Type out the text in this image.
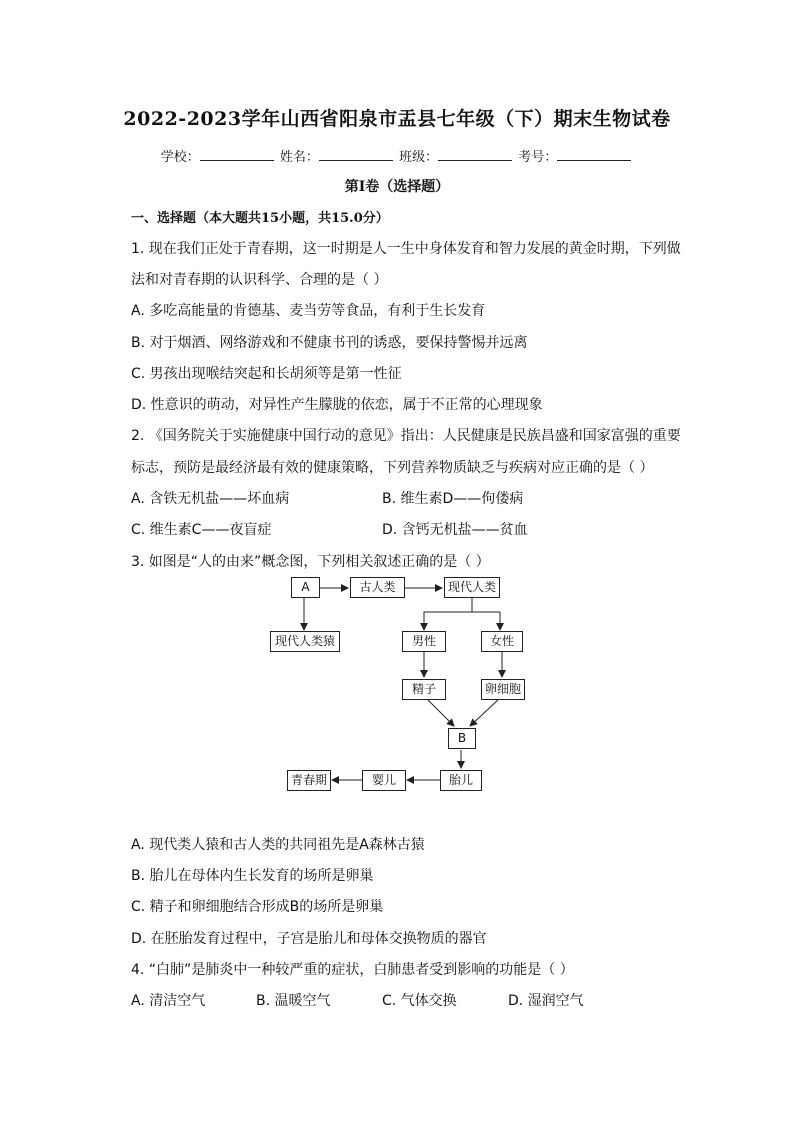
2022-2023学年山西省阳泉市盂县七年级（下）期末生物试卷
学校：	姓名：	班级：	考号：
第I卷（选择题）
一、选择题（本大题共15小题，共15.0分）
1. 现在我们正处于青春期，这一时期是人一生中身体发育和智力发展的黄金时期，下列做
法和对青春期的认识科学、合理的是（ ）
A. 多吃高能量的肯德基、麦当劳等食品，有利于生长发育
B. 对于烟酒、网络游戏和不健康书刊的诱惑，要保持警惕并远离
C. 男孩出现喉结突起和长胡须等是第一性征
D. 性意识的萌动，对异性产生朦胧的依恋，属于不正常的心理现象
2. 《国务院关于实施健康中国行动的意见》指出：人民健康是民族昌盛和国家富强的重要
标志，预防是最经济最有效的健康策略，下列营养物质缺乏与疾病对应正确的是（ ）
A. 含铁无机盐——坏血病	B. 维生素D——佝偻病
C. 维生素C——夜盲症	D. 含钙无机盐——贫血
3. 如图是“人的由来”概念图，下列相关叙述正确的是（ ）
A	古人类	现代人类
现代人类猿	男性	女性
精子	卵细胞
B
胎儿
婴儿
青春期
A. 现代类人猿和古人类的共同祖先是A森林古猿
B. 胎儿在母体内生长发育的场所是卵巢
C. 精子和卵细胞结合形成B的场所是卵巢
D. 在胚胎发育过程中，子宫是胎儿和母体交换物质的器官
4. “白肺”是肺炎中一种较严重的症状，白肺患者受到影响的功能是（ ）
A. 清洁空气	B. 温暖空气	C. 气体交换	D. 湿润空气
